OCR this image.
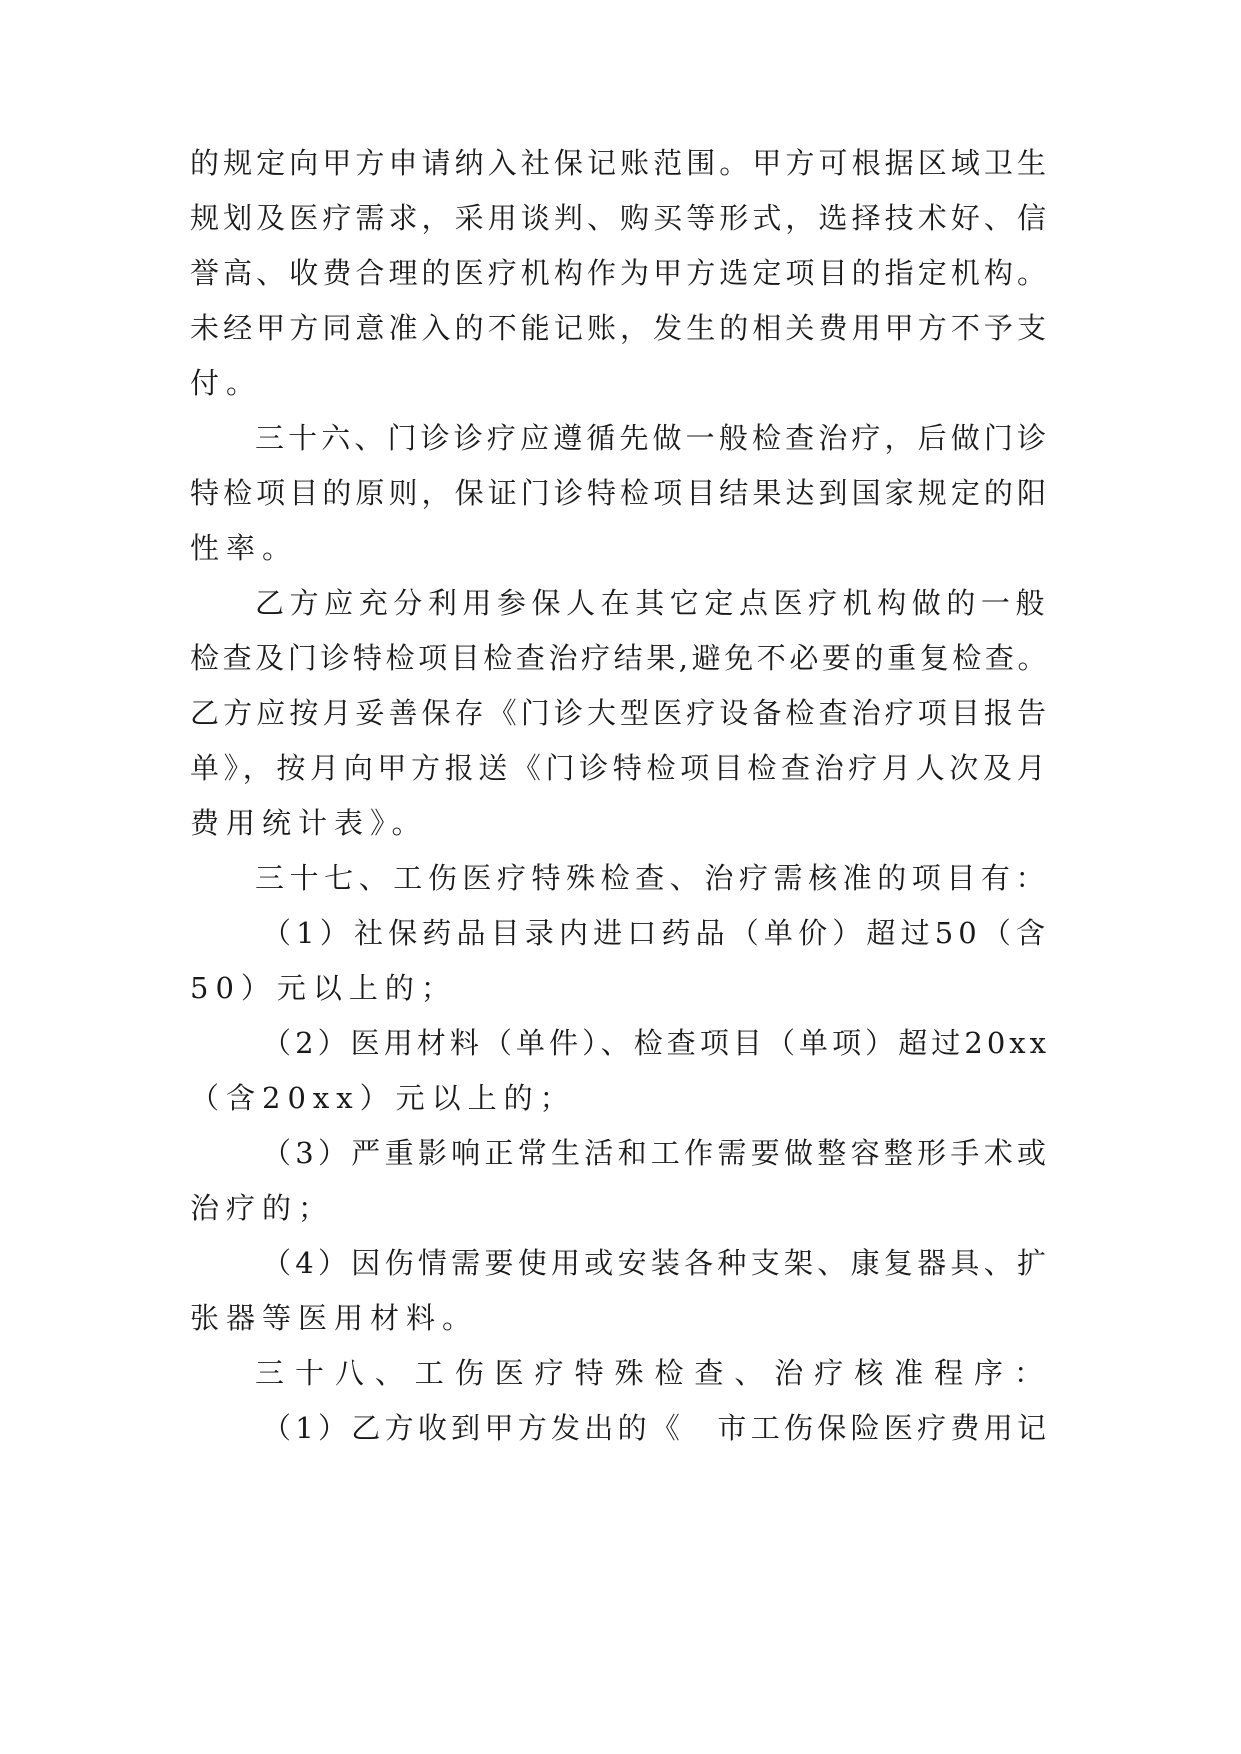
的规定向甲方申请纳入社保记账范围。甲方可根据区域卫生
规划及医疗需求，采用谈判、购买等形式，选择技术好、信
誉高、收费合理的医疗机构作为甲方选定项目的指定机构。
未经甲方同意准入的不能记账，发生的相关费用甲方不予支
付。
三十六、门诊诊疗应遵循先做一般检查治疗，后做门诊
特检项目的原则，保证门诊特检项目结果达到国家规定的阳
性率。
乙方应充分利用参保人在其它定点医疗机构做的一般
检查及门诊特检项目检查治疗结果,避免不必要的重复检查。
乙方应按月妥善保存《门诊大型医疗设备检查治疗项目报告
单》，按月向甲方报送《门诊特检项目检查治疗月人次及月
费用统计表》。
三十七、工伤医疗特殊检查、治疗需核准的项目有：
（1）社保药品目录内进口药品（单价）超过50（含
50）元以上的；
（2）医用材料（单件）、检查项目（单项）超过20xx
（含20xx）元以上的；
（3）严重影响正常生活和工作需要做整容整形手术或
治疗的；
（4）因伤情需要使用或安装各种支架、康复器具、扩
张器等医用材料。
三十八、工伤医疗特殊检查、治疗核准程序：
（1）乙方收到甲方发出的《　市工伤保险医疗费用记
